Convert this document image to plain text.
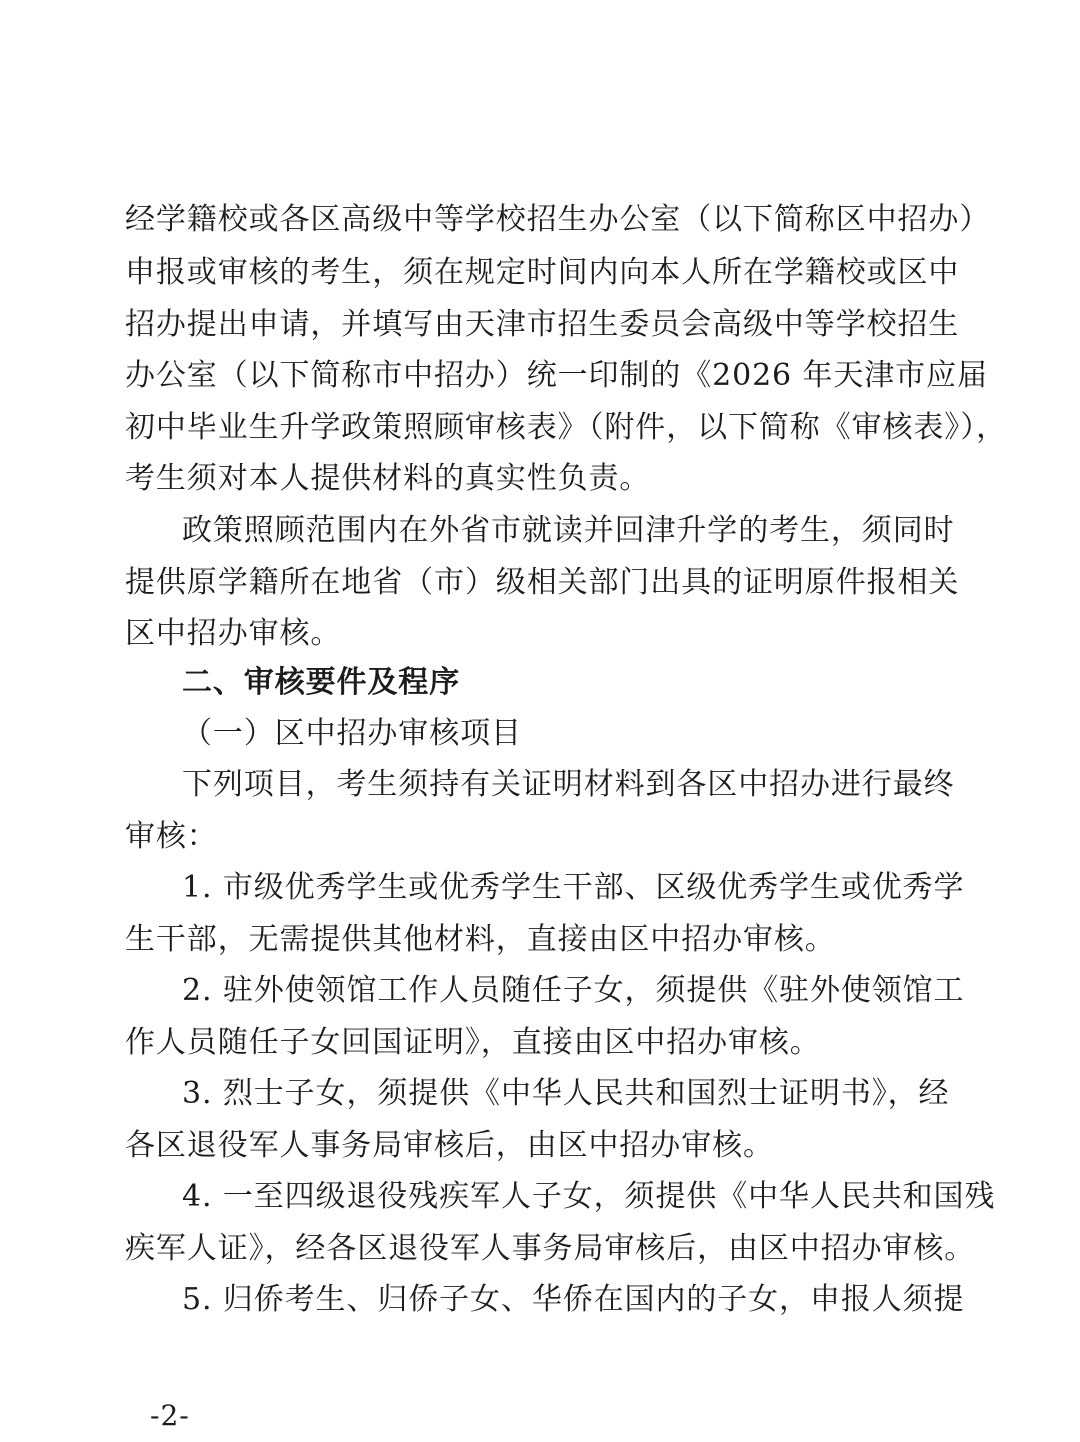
经学籍校或各区高级中等学校招生办公室（以下简称区中招办）
申报或审核的考生，须在规定时间内向本人所在学籍校或区中
招办提出申请，并填写由天津市招生委员会高级中等学校招生
办公室（以下简称市中招办）统一印制的《2026 年天津市应届
初中毕业生升学政策照顾审核表》（附件，以下简称《审核表》），
考生须对本人提供材料的真实性负责。
政策照顾范围内在外省市就读并回津升学的考生，须同时
提供原学籍所在地省（市）级相关部门出具的证明原件报相关
区中招办审核。
二、审核要件及程序
（一）区中招办审核项目
下列项目，考生须持有关证明材料到各区中招办进行最终
审核：
1. 市级优秀学生或优秀学生干部、区级优秀学生或优秀学
生干部，无需提供其他材料，直接由区中招办审核。
2. 驻外使领馆工作人员随任子女，须提供《驻外使领馆工
作人员随任子女回国证明》，直接由区中招办审核。
3. 烈士子女，须提供《中华人民共和国烈士证明书》，经
各区退役军人事务局审核后，由区中招办审核。
4. 一至四级退役残疾军人子女，须提供《中华人民共和国残
疾军人证》，经各区退役军人事务局审核后，由区中招办审核。
5. 归侨考生、归侨子女、华侨在国内的子女，申报人须提
-2-
